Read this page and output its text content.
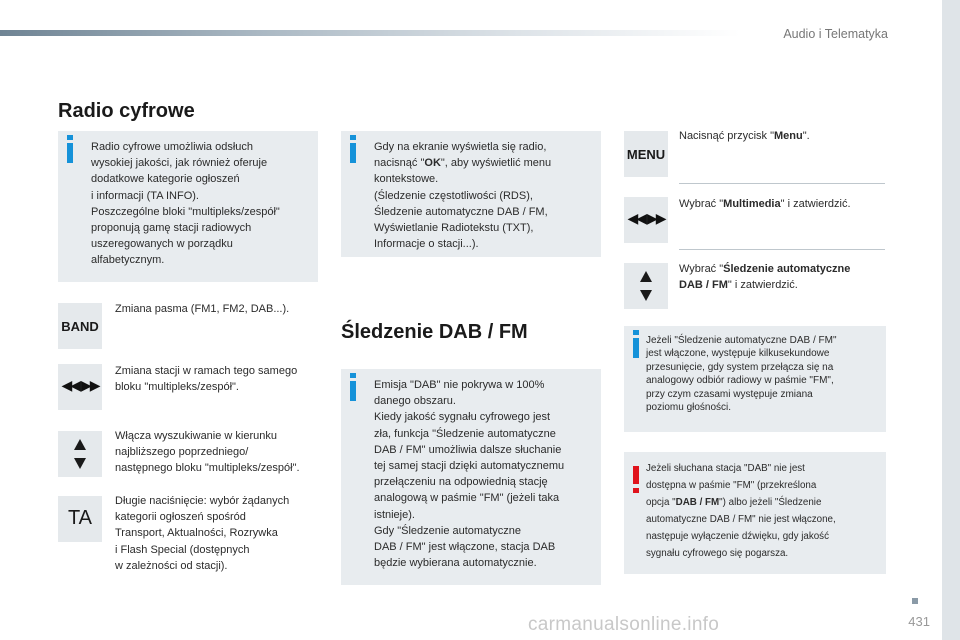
Audio i Telematyka
Radio cyfrowe
Radio cyfrowe umożliwia odsłuch
wysokiej jakości, jak również oferuje
dodatkowe kategorie ogłoszeń
i informacji (TA INFO).
Poszczególne bloki "multipleks/zespół"
proponują gamę stacji radiowych
uszeregowanych w porządku
alfabetycznym.
BAND
Zmiana pasma (FM1, FM2, DAB...).
◀◀ ▶▶
Zmiana stacji w ramach tego samego
bloku "multipleks/zespół".
Włącza wyszukiwanie w kierunku
najbliższego poprzedniego/
następnego bloku "multipleks/zespół".
TA
Długie naciśnięcie: wybór żądanych
kategorii ogłoszeń spośród
Transport, Aktualności, Rozrywka
i Flash Special (dostępnych
w zależności od stacji).
Gdy na ekranie wyświetla się radio,
nacisnąć "OK", aby wyświetlić menu
kontekstowe.
(Śledzenie częstotliwości (RDS),
Śledzenie automatyczne DAB / FM,
Wyświetlanie Radiotekstu (TXT),
Informacje o stacji...).
Śledzenie DAB / FM
Emisja "DAB" nie pokrywa w 100%
danego obszaru.
Kiedy jakość sygnału cyfrowego jest
zła, funkcja "Śledzenie automatyczne
DAB / FM" umożliwia dalsze słuchanie
tej samej stacji dzięki automatycznemu
przełączeniu na odpowiednią stację
analogową w paśmie "FM" (jeżeli taka
istnieje).
Gdy "Śledzenie automatyczne
DAB / FM" jest włączone, stacja DAB
będzie wybierana automatycznie.
MENU
Nacisnąć przycisk "Menu".
◀◀ ▶▶
Wybrać "Multimedia" i zatwierdzić.
Wybrać "Śledzenie automatyczne
DAB / FM" i zatwierdzić.
Jeżeli "Śledzenie automatyczne DAB / FM"
jest włączone, występuje kilkusekundowe
przesunięcie, gdy system przełącza się na
analogowy odbiór radiowy w paśmie "FM",
przy czym czasami występuje zmiana
poziomu głośności.
Jeżeli słuchana stacja "DAB" nie jest
dostępna w paśmie "FM" (przekreślona
opcja "DAB / FM") albo jeżeli "Śledzenie
automatyczne DAB / FM" nie jest włączone,
następuje wyłączenie dźwięku, gdy jakość
sygnału cyfrowego się pogarsza.
431
carmanualsonline.info
